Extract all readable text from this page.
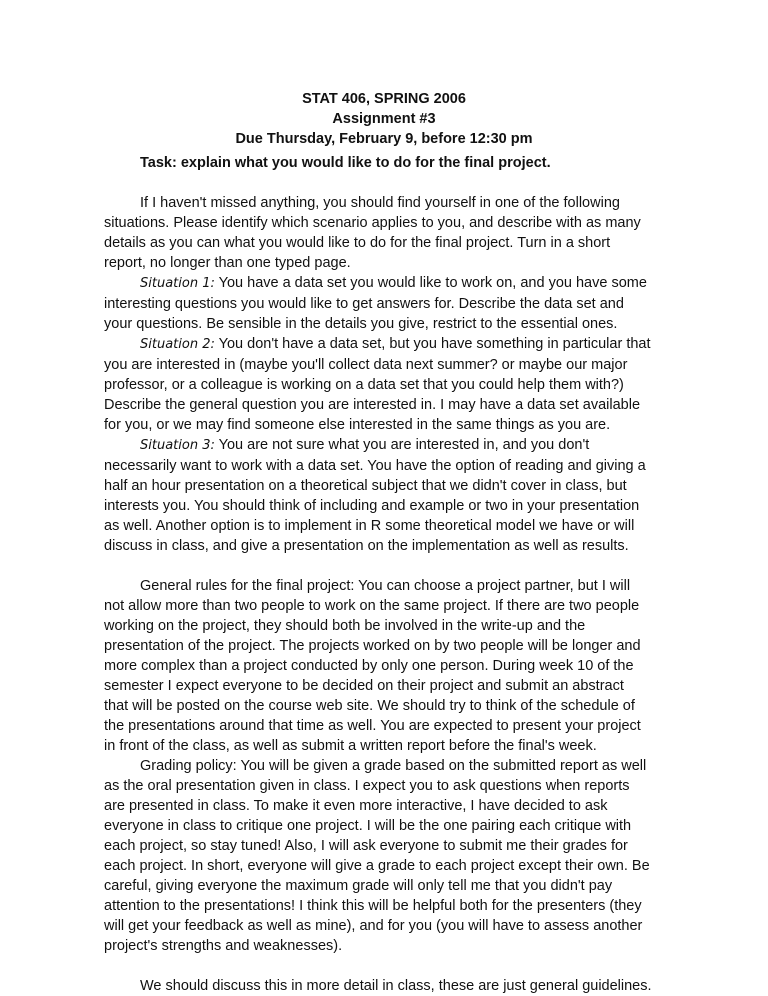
STAT 406, SPRING 2006
Assignment #3
Due Thursday, February 9, before 12:30 pm
Task: explain what you would like to do for the final project.

If I haven't missed anything, you should find yourself in one of the following situations. Please identify which scenario applies to you, and describe with as many details as you can what you would like to do for the final project. Turn in a short report, no longer than one typed page.

Situation 1: You have a data set you would like to work on, and you have some interesting questions you would like to get answers for. Describe the data set and your questions. Be sensible in the details you give, restrict to the essential ones.

Situation 2: You don't have a data set, but you have something in particular that you are interested in (maybe you'll collect data next summer? or maybe our major professor, or a colleague is working on a data set that you could help them with?) Describe the general question you are interested in. I may have a data set available for you, or we may find someone else interested in the same things as you are.

Situation 3: You are not sure what you are interested in, and you don't necessarily want to work with a data set. You have the option of reading and giving a half an hour presentation on a theoretical subject that we didn't cover in class, but interests you. You should think of including and example or two in your presentation as well. Another option is to implement in R some theoretical model we have or will discuss in class, and give a presentation on the implementation as well as results.

General rules for the final project: You can choose a project partner, but I will not allow more than two people to work on the same project. If there are two people working on the project, they should both be involved in the write-up and the presentation of the project. The projects worked on by two people will be longer and more complex than a project conducted by only one person. During week 10 of the semester I expect everyone to be decided on their project and submit an abstract that will be posted on the course web site. We should try to think of the schedule of the presentations around that time as well. You are expected to present your project in front of the class, as well as submit a written report before the final's week.

Grading policy: You will be given a grade based on the submitted report as well as the oral presentation given in class. I expect you to ask questions when reports are presented in class. To make it even more interactive, I have decided to ask everyone in class to critique one project. I will be the one pairing each critique with each project, so stay tuned! Also, I will ask everyone to submit me their grades for each project. In short, everyone will give a grade to each project except their own. Be careful, giving everyone the maximum grade will only tell me that you didn't pay attention to the presentations! I think this will be helpful both for the presenters (they will get your feedback as well as mine), and for you (you will have to assess another project's strengths and weaknesses).

We should discuss this in more detail in class, these are just general guidelines.
